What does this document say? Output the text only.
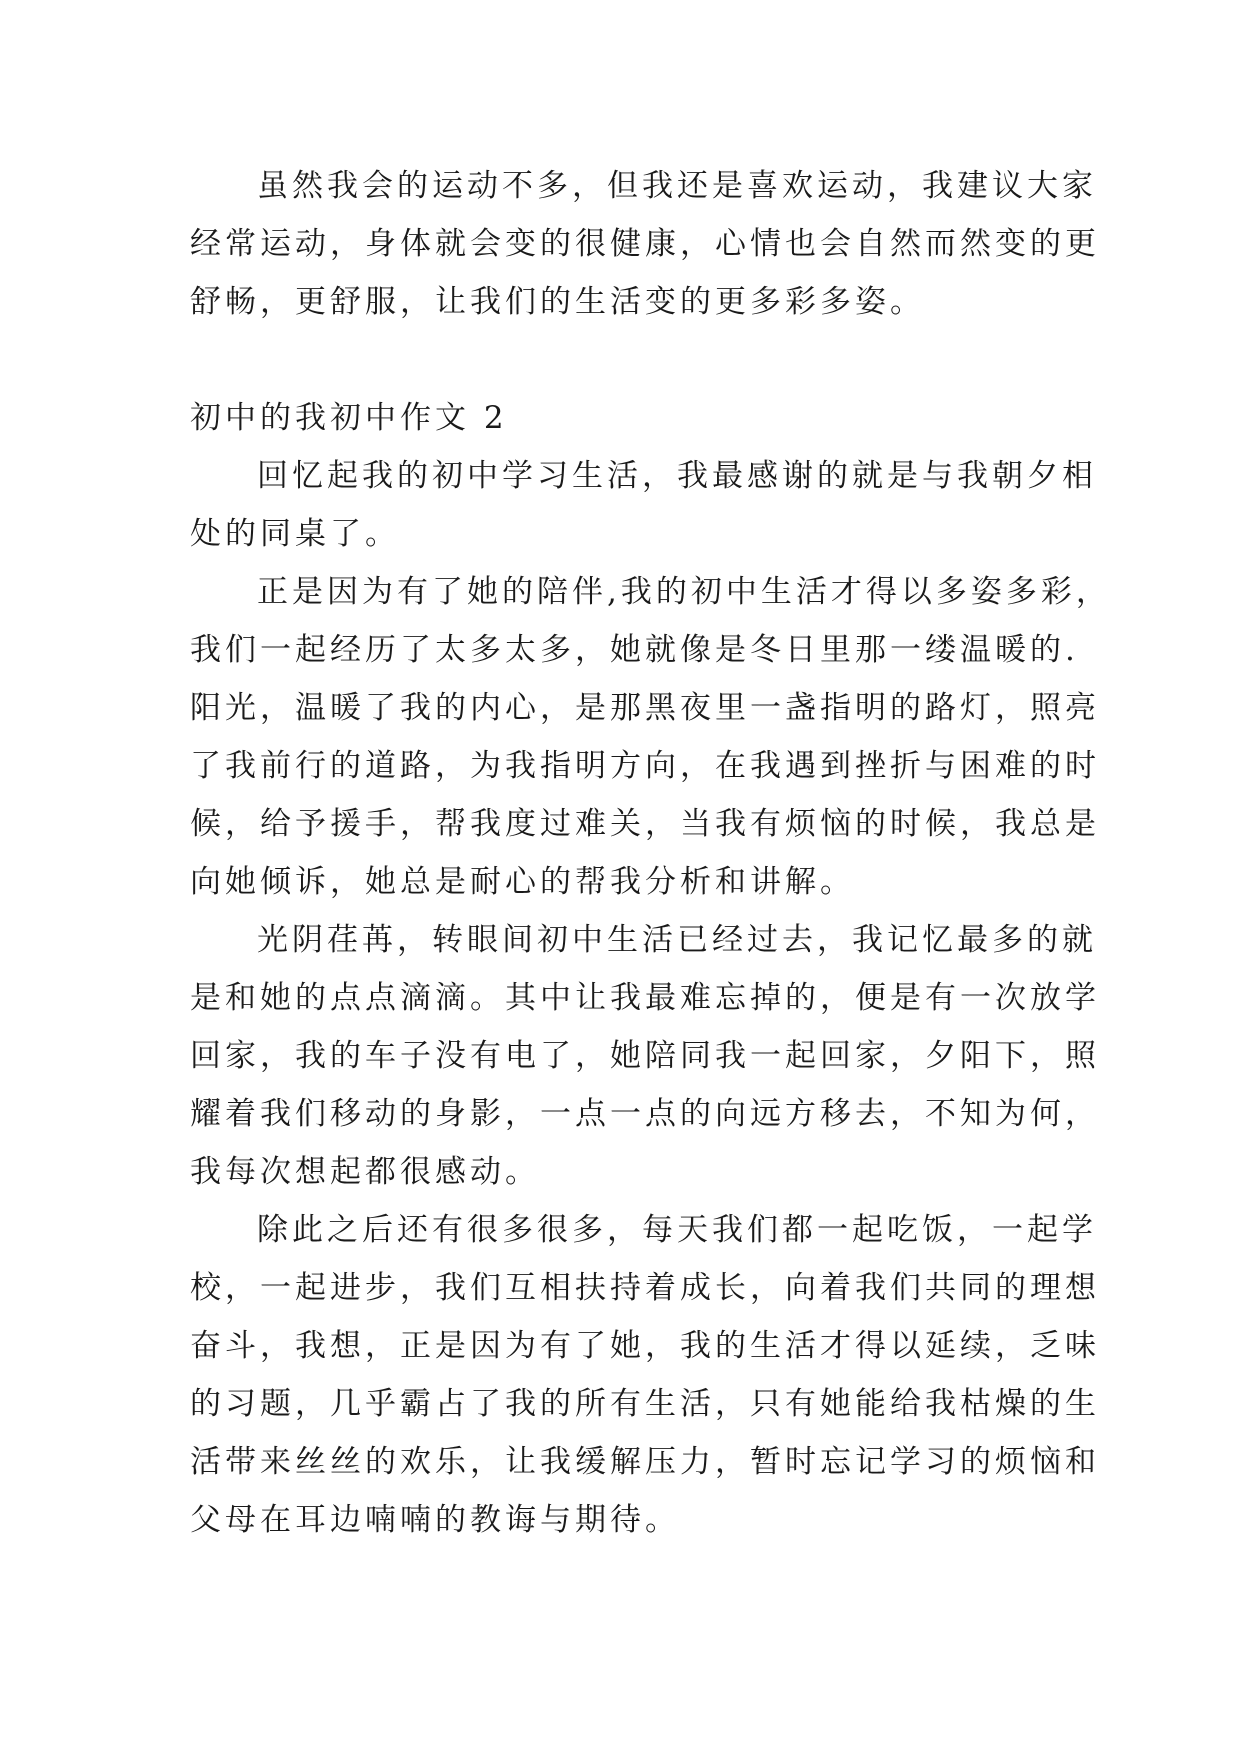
虽然我会的运动不多，但我还是喜欢运动，我建议大家
经常运动，身体就会变的很健康，心情也会自然而然变的更
舒畅，更舒服，让我们的生活变的更多彩多姿。
初中的我初中作文 2
回忆起我的初中学习生活，我最感谢的就是与我朝夕相
处的同桌了。
正是因为有了她的陪伴,我的初中生活才得以多姿多彩，
我们一起经历了太多太多，她就像是冬日里那一缕温暖的.
阳光，温暖了我的内心，是那黑夜里一盏指明的路灯，照亮
了我前行的道路，为我指明方向，在我遇到挫折与困难的时
候，给予援手，帮我度过难关，当我有烦恼的时候，我总是
向她倾诉，她总是耐心的帮我分析和讲解。
光阴荏苒，转眼间初中生活已经过去，我记忆最多的就
是和她的点点滴滴。其中让我最难忘掉的，便是有一次放学
回家，我的车子没有电了，她陪同我一起回家，夕阳下，照
耀着我们移动的身影，一点一点的向远方移去，不知为何，
我每次想起都很感动。
除此之后还有很多很多，每天我们都一起吃饭，一起学
校，一起进步，我们互相扶持着成长，向着我们共同的理想
奋斗，我想，正是因为有了她，我的生活才得以延续，乏味
的习题，几乎霸占了我的所有生活，只有她能给我枯燥的生
活带来丝丝的欢乐，让我缓解压力，暂时忘记学习的烦恼和
父母在耳边喃喃的教诲与期待。
